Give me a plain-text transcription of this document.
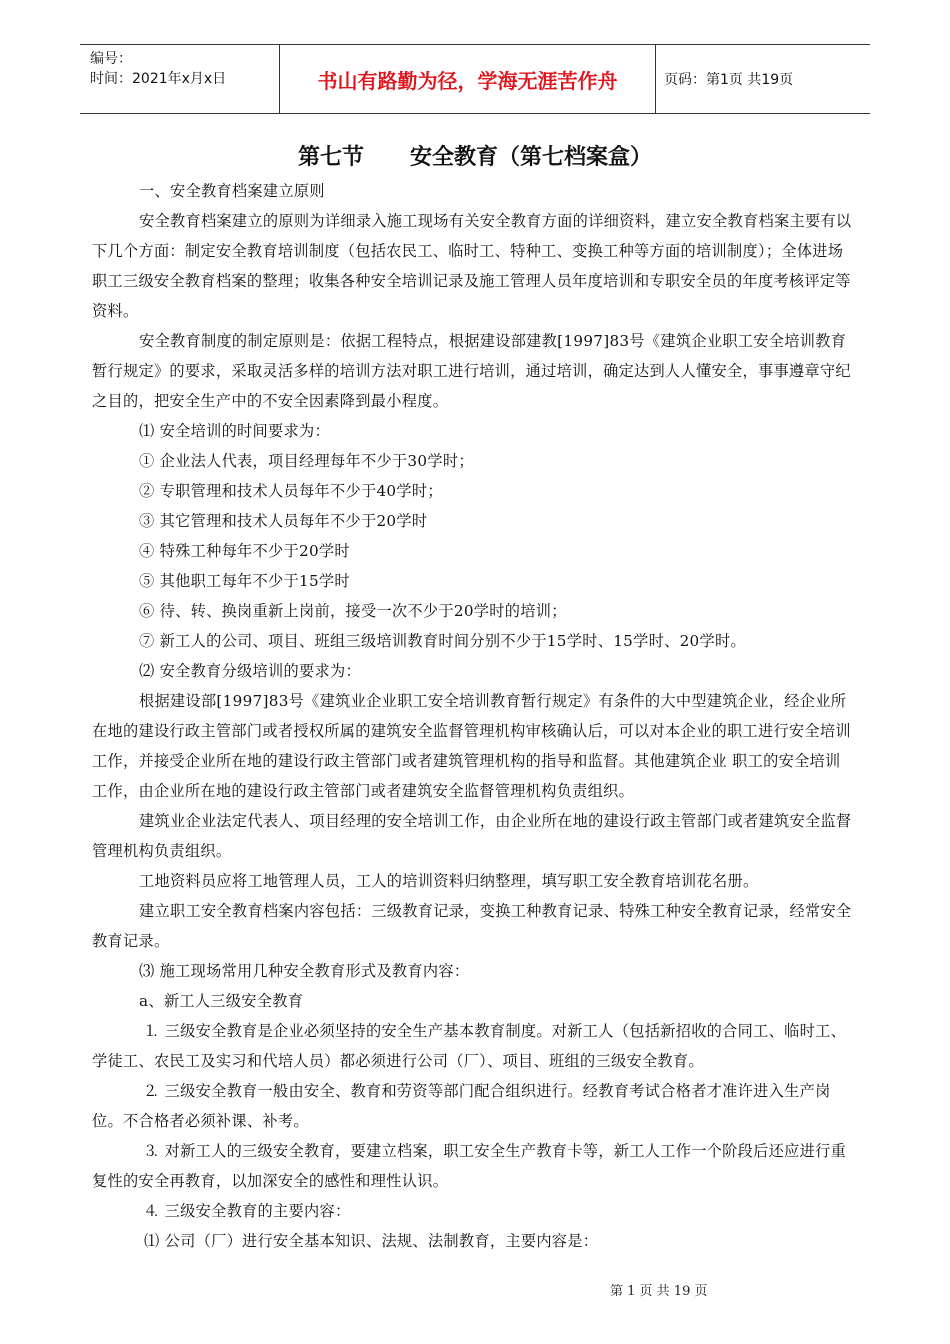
编号：
时间：2021年x月x日	书山有路勤为径，学海无涯苦作舟	页码：第1页 共19页
第七节      安全教育（第七档案盒）

一、安全教育档案建立原则

安全教育档案建立的原则为详细录入施工现场有关安全教育方面的详细资料，建立安全教育档案主要有以下几个方面：制定安全教育培训制度（包括农民工、临时工、特种工、变换工种等方面的培训制度）；全体进场职工三级安全教育档案的整理；收集各种安全培训记录及施工管理人员年度培训和专职安全员的年度考核评定等资料。

安全教育制度的制定原则是：依据工程特点，根据建设部建教[1997]83号《建筑企业职工安全培训教育暂行规定》的要求，采取灵活多样的培训方法对职工进行培训，通过培训，确定达到人人懂安全，事事遵章守纪之目的，把安全生产中的不安全因素降到最小程度。

⑴ 安全培训的时间要求为：

① 企业法人代表，项目经理每年不少于30学时；

② 专职管理和技术人员每年不少于40学时；

③ 其它管理和技术人员每年不少于20学时

④ 特殊工种每年不少于20学时

⑤ 其他职工每年不少于15学时

⑥ 待、转、换岗重新上岗前，接受一次不少于20学时的培训；

⑦ 新工人的公司、项目、班组三级培训教育时间分别不少于15学时、15学时、20学时。

⑵ 安全教育分级培训的要求为：

根据建设部[1997]83号《建筑业企业职工安全培训教育暂行规定》有条件的大中型建筑企业，经企业所在地的建设行政主管部门或者授权所属的建筑安全监督管理机构审核确认后，可以对本企业的职工进行安全培训工作，并接受企业所在地的建设行政主管部门或者建筑管理机构的指导和监督。其他建筑企业 职工的安全培训工作，由企业所在地的建设行政主管部门或者建筑安全监督管理机构负责组织。

建筑业企业法定代表人、项目经理的安全培训工作，由企业所在地的建设行政主管部门或者建筑安全监督管理机构负责组织。

工地资料员应将工地管理人员，工人的培训资料归纳整理，填写职工安全教育培训花名册。

建立职工安全教育档案内容包括：三级教育记录，变换工种教育记录、特殊工种安全教育记录，经常安全教育记录。

⑶ 施工现场常用几种安全教育形式及教育内容：

a、新工人三级安全教育

⒈ 三级安全教育是企业必须坚持的安全生产基本教育制度。对新工人（包括新招收的合同工、临时工、学徒工、农民工及实习和代培人员）都必须进行公司（厂）、项目、班组的三级安全教育。

⒉ 三级安全教育一般由安全、教育和劳资等部门配合组织进行。经教育考试合格者才准许进入生产岗位。不合格者必须补课、补考。

⒊ 对新工人的三级安全教育，要建立档案，职工安全生产教育卡等，新工人工作一个阶段后还应进行重复性的安全再教育，以加深安全的感性和理性认识。

⒋ 三级安全教育的主要内容：

⑴ 公司（厂）进行安全基本知识、法规、法制教育，主要内容是：

第 1 页 共 19 页
